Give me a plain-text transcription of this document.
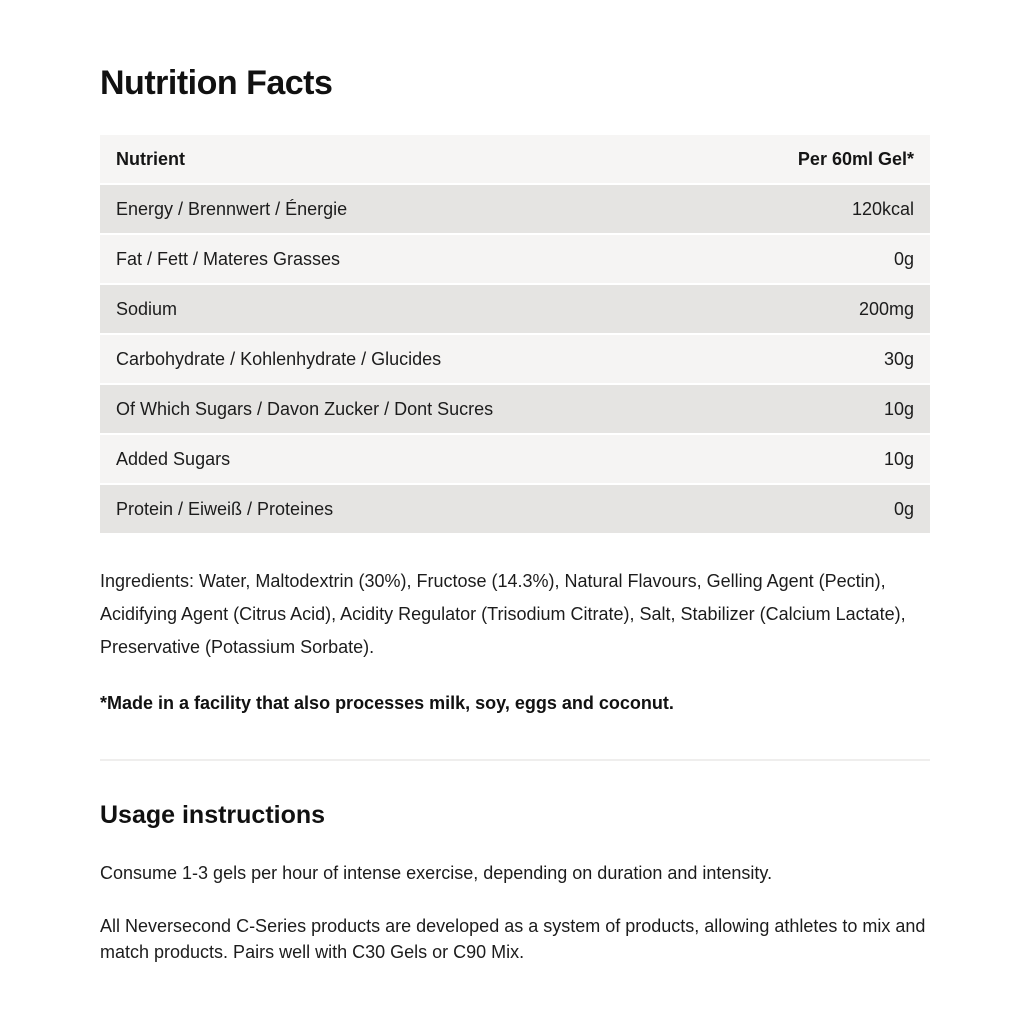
Nutrition Facts
Nutrient	Per 60ml Gel*
Energy / Brennwert / Énergie	120kcal
Fat / Fett / Materes Grasses	0g
Sodium	200mg
Carbohydrate / Kohlenhydrate / Glucides	30g
Of Which Sugars / Davon Zucker / Dont Sucres	10g
Added Sugars	10g
Protein / Eiweiß / Proteines	0g

Ingredients: Water, Maltodextrin (30%), Fructose (14.3%), Natural Flavours, Gelling Agent (Pectin), Acidifying Agent (Citrus Acid), Acidity Regulator (Trisodium Citrate), Salt, Stabilizer (Calcium Lactate), Preservative (Potassium Sorbate).

*Made in a facility that also processes milk, soy, eggs and coconut.

Usage instructions

Consume 1-3 gels per hour of intense exercise, depending on duration and intensity.

All Neversecond C-Series products are developed as a system of products, allowing athletes to mix and match products. Pairs well with C30 Gels or C90 Mix.
